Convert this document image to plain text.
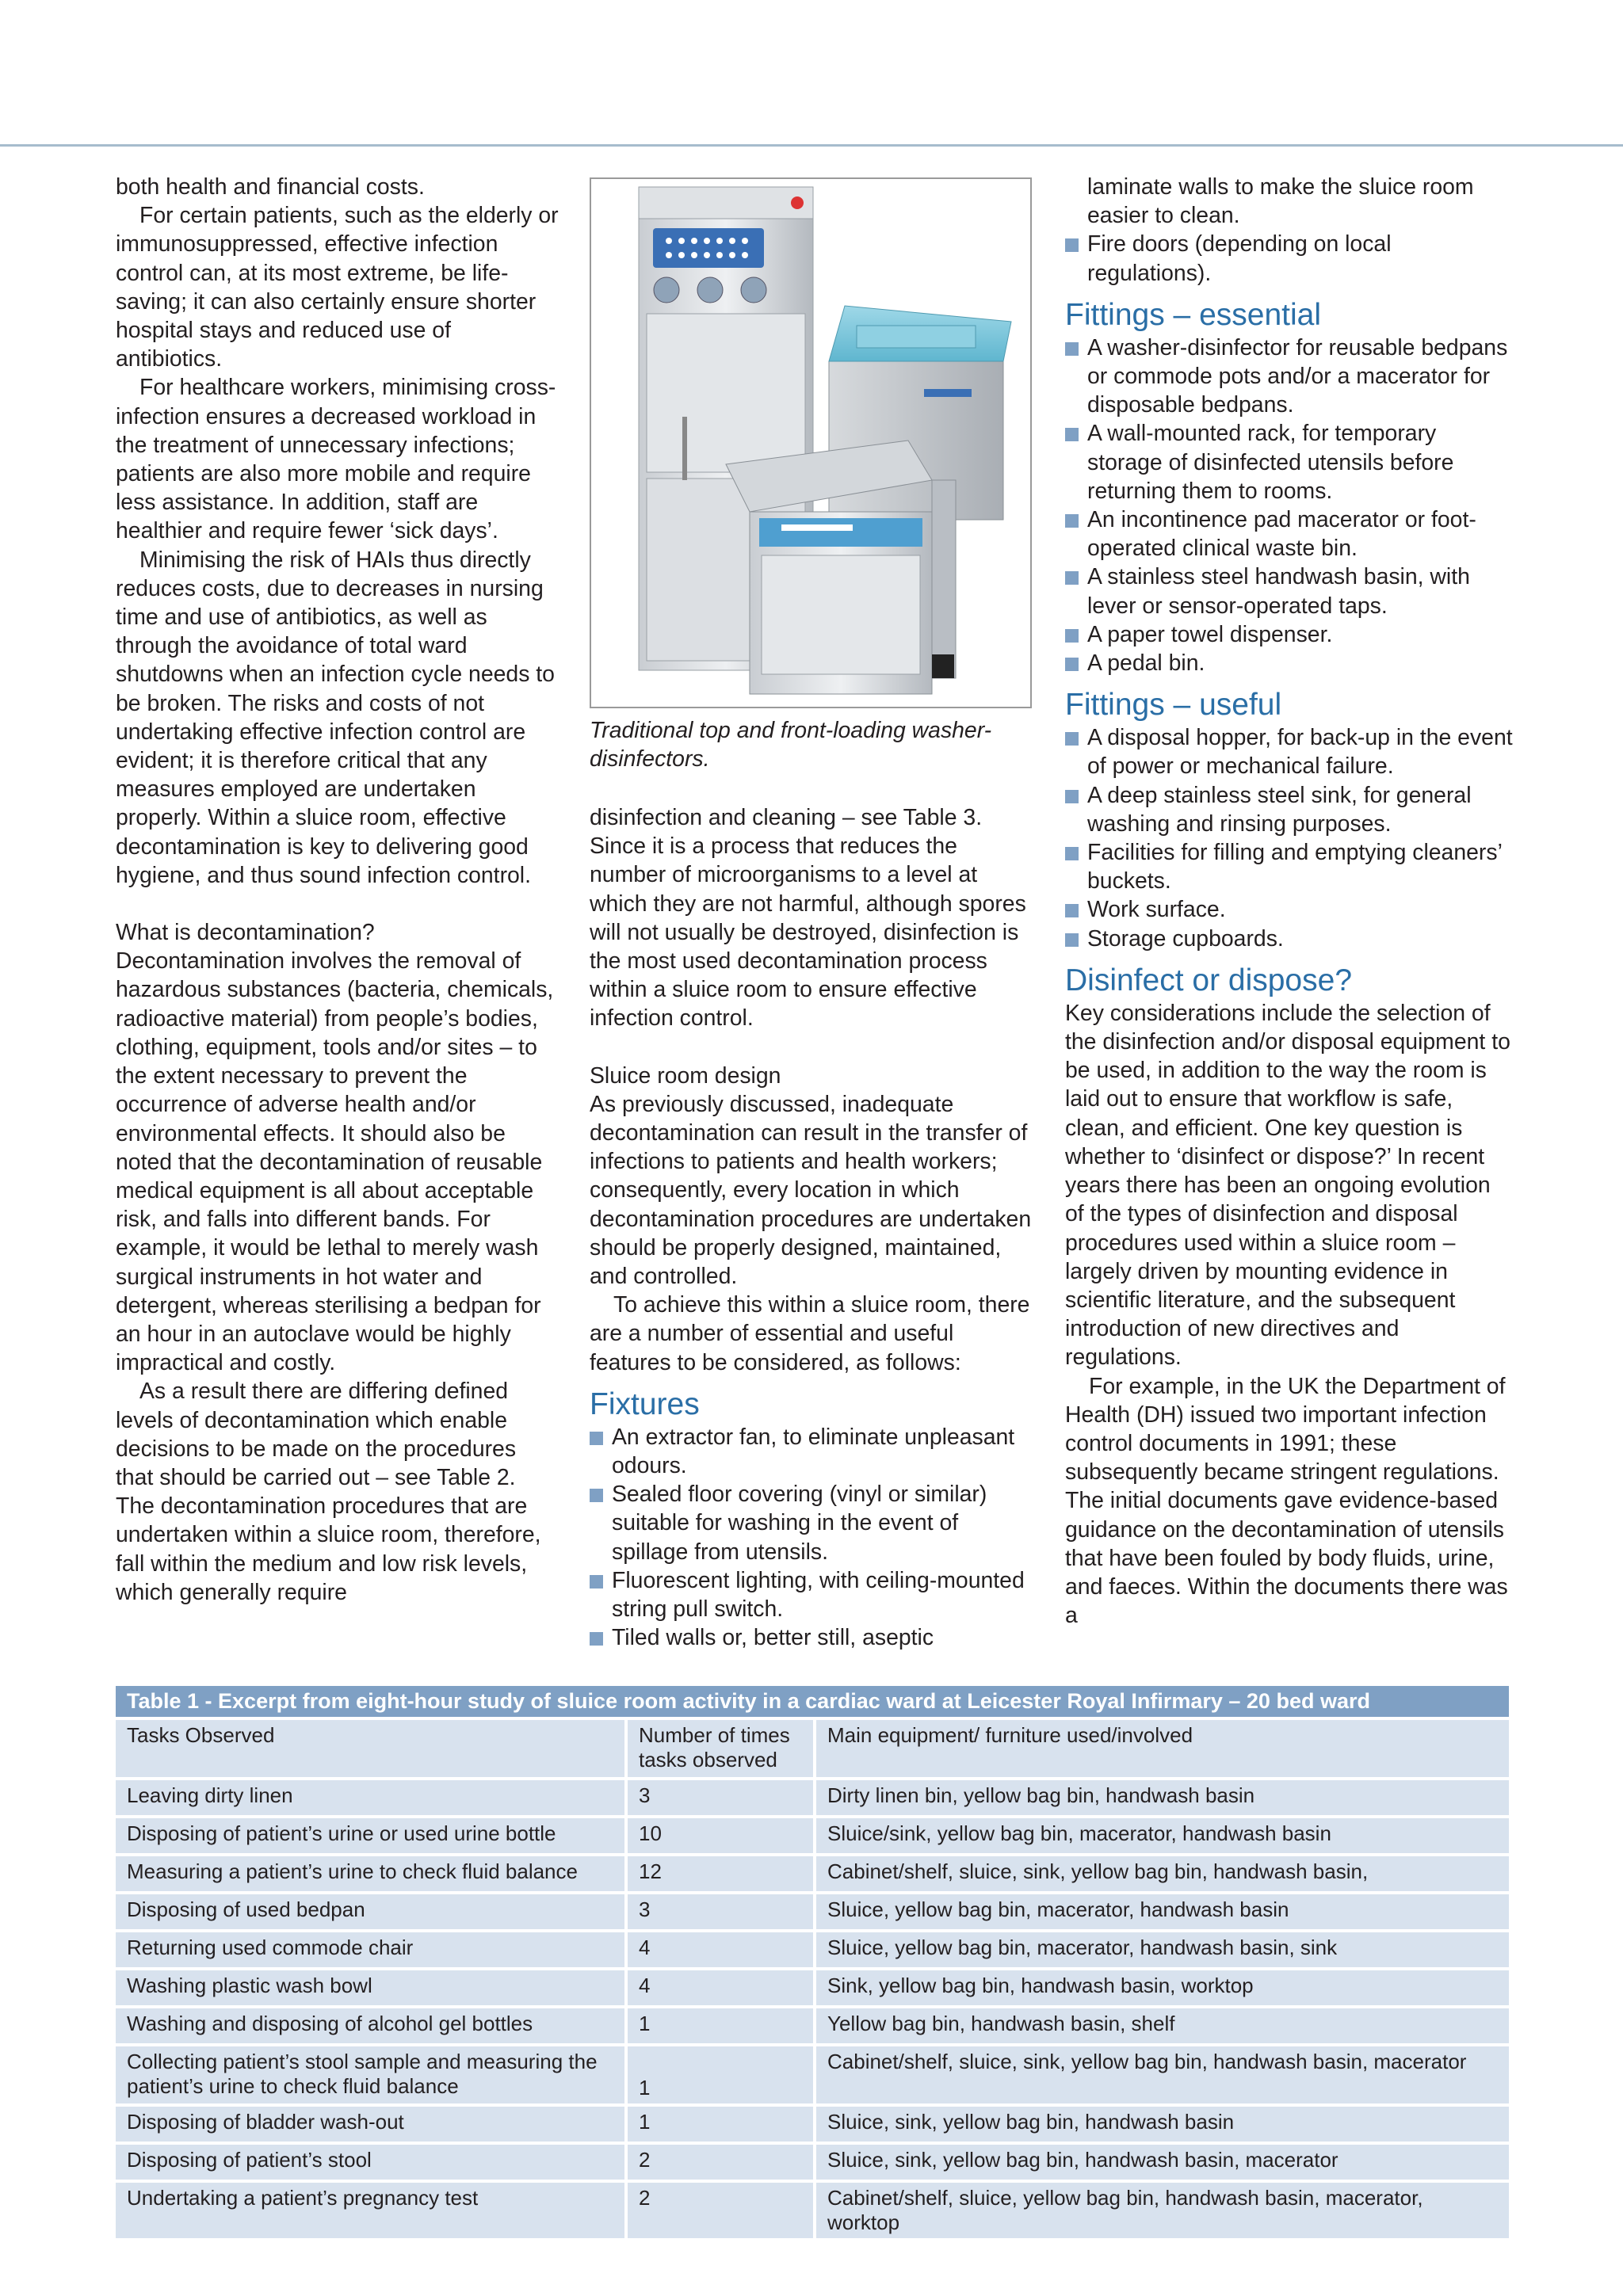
both health and financial costs.

For certain patients, such as the elderly or immunosuppressed, effective infection control can, at its most extreme, be life-saving; it can also certainly ensure shorter hospital stays and reduced use of antibiotics.

For healthcare workers, minimising cross-infection ensures a decreased workload in the treatment of unnecessary infections; patients are also more mobile and require less assistance. In addition, staff are healthier and require fewer ‘sick days’.

Minimising the risk of HAIs thus directly reduces costs, due to decreases in nursing time and use of antibiotics, as well as through the avoidance of total ward shutdowns when an infection cycle needs to be broken. The risks and costs of not undertaking effective infection control are evident; it is therefore critical that any measures employed are undertaken properly. Within a sluice room, effective decontamination is key to delivering good hygiene, and thus sound infection control.

What is decontamination?

Decontamination involves the removal of hazardous substances (bacteria, chemicals, radioactive material) from people’s bodies, clothing, equipment, tools and/or sites – to the extent necessary to prevent the occurrence of adverse health and/or environmental effects. It should also be noted that the decontamination of reusable medical equipment is all about acceptable risk, and falls into different bands. For example, it would be lethal to merely wash surgical instruments in hot water and detergent, whereas sterilising a bedpan for an hour in an autoclave would be highly impractical and costly.

As a result there are differing defined levels of decontamination which enable decisions to be made on the procedures that should be carried out – see Table 2. The decontamination procedures that are undertaken within a sluice room, therefore, fall within the medium and low risk levels, which generally require

Traditional top and front-loading washer-disinfectors.

disinfection and cleaning – see Table 3. Since it is a process that reduces the number of microorganisms to a level at which they are not harmful, although spores will not usually be destroyed, disinfection is the most used decontamination process within a sluice room to ensure effective infection control.

Sluice room design

As previously discussed, inadequate decontamination can result in the transfer of infections to patients and health workers; consequently, every location in which decontamination procedures are undertaken should be properly designed, maintained, and controlled.

To achieve this within a sluice room, there are a number of essential and useful features to be considered, as follows:

Fixtures
An extractor fan, to eliminate unpleasant odours.
Sealed floor covering (vinyl or similar) suitable for washing in the event of spillage from utensils.
Fluorescent lighting, with ceiling-mounted string pull switch.
Tiled walls or, better still, aseptic

laminate walls to make the sluice room easier to clean.

Fire doors (depending on local regulations).
Fittings – essential
A washer-disinfector for reusable bedpans or commode pots and/or a macerator for disposable bedpans.
A wall-mounted rack, for temporary storage of disinfected utensils before returning them to rooms.
An incontinence pad macerator or foot-operated clinical waste bin.
A stainless steel handwash basin, with lever or sensor-operated taps.
A paper towel dispenser.
A pedal bin.
Fittings – useful
A disposal hopper, for back-up in the event of power or mechanical failure.
A deep stainless steel sink, for general washing and rinsing purposes.
Facilities for filling and emptying cleaners’ buckets.
Work surface.
Storage cupboards.
Disinfect or dispose?

Key considerations include the selection of the disinfection and/or disposal equipment to be used, in addition to the way the room is laid out to ensure that workflow is safe, clean, and efficient. One key question is whether to ‘disinfect or dispose?’ In recent years there has been an ongoing evolution of the types of disinfection and disposal procedures used within a sluice room – largely driven by mounting evidence in scientific literature, and the subsequent introduction of new directives and regulations.

For example, in the UK the Department of Health (DH) issued two important infection control documents in 1991; these subsequently became stringent regulations. The initial documents gave evidence-based guidance on the decontamination of utensils that have been fouled by body fluids, urine, and faeces. Within the documents there was a

Table 1 - Excerpt from eight-hour study of sluice room activity in a cardiac ward at Leicester Royal Infirmary – 20 bed ward		
Tasks Observed	Number of times tasks observed	Main equipment/ furniture used/involved
Leaving dirty linen	3	Dirty linen bin, yellow bag bin, handwash basin
Disposing of patient’s urine or used urine bottle	10	Sluice/sink, yellow bag bin, macerator, handwash basin
Measuring a patient’s urine to check fluid balance	12	Cabinet/shelf, sluice, sink, yellow bag bin, handwash basin,
Disposing of used bedpan	3	Sluice, yellow bag bin, macerator, handwash basin
Returning used commode chair	4	Sluice, yellow bag bin, macerator, handwash basin, sink
Washing plastic wash bowl	4	Sink, yellow bag bin, handwash basin, worktop
Washing and disposing of alcohol gel bottles	1	Yellow bag bin, handwash basin, shelf
Collecting patient’s stool sample and measuring the patient’s urine to check fluid balance	1	Cabinet/shelf, sluice, sink, yellow bag bin, handwash basin, macerator
Disposing of bladder wash-out	1	Sluice, sink, yellow bag bin, handwash basin
Disposing of patient’s stool	2	Sluice, sink, yellow bag bin, handwash basin, macerator
Undertaking a patient’s pregnancy test	2	Cabinet/shelf, sluice, yellow bag bin, handwash basin, macerator, worktop
